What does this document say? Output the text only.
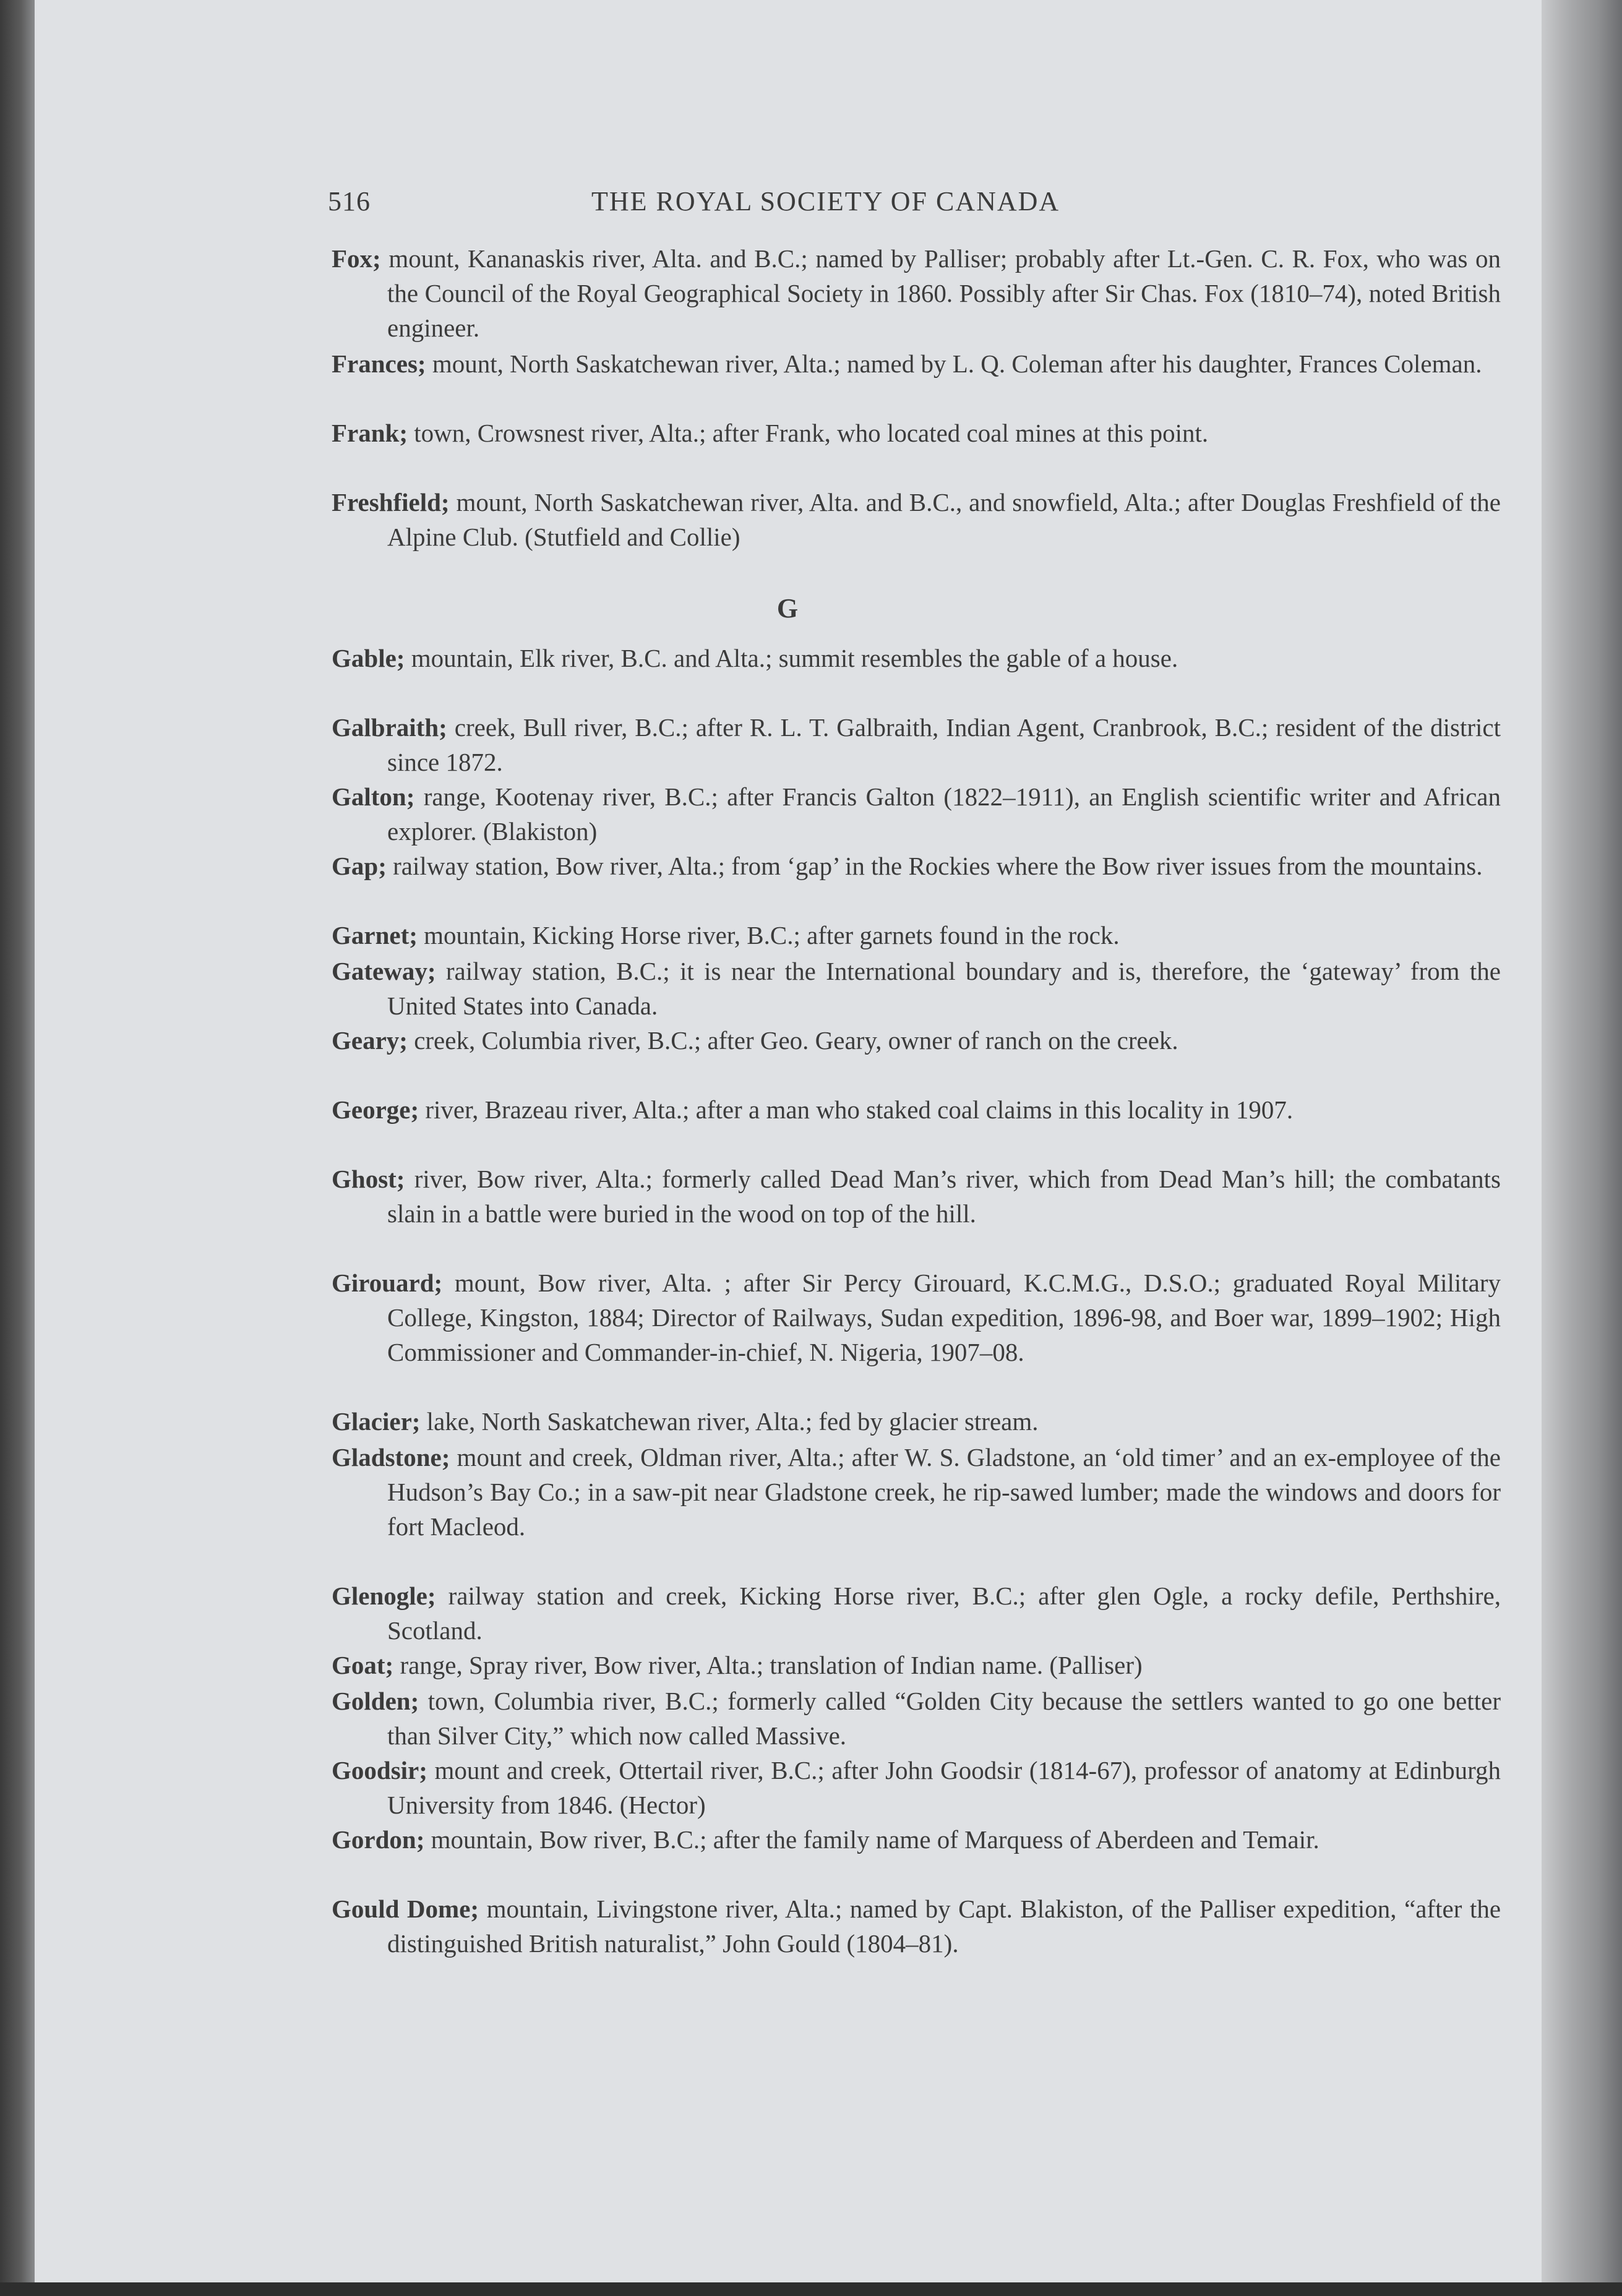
516	THE ROYAL SOCIETY OF CANADA

Fox; mount, Kananaskis river, Alta. and B.C.; named by Palliser; probably after Lt.-Gen. C. R. Fox, who was on the Council of the Royal Geographical Society in 1860. Possibly after Sir Chas. Fox (1810–74), noted British engineer.

Frances; mount, North Saskatchewan river, Alta.; named by L. Q. Coleman after his daughter, Frances Coleman.

Frank; town, Crowsnest river, Alta.; after Frank, who located coal mines at this point.

Freshfield; mount, North Saskatchewan river, Alta. and B.C., and snowfield, Alta.; after Douglas Freshfield of the Alpine Club. (Stutfield and Collie)

G

Gable; mountain, Elk river, B.C. and Alta.; summit resembles the gable of a house.

Galbraith; creek, Bull river, B.C.; after R. L. T. Galbraith, Indian Agent, Cranbrook, B.C.; resident of the district since 1872.

Galton; range, Kootenay river, B.C.; after Francis Galton (1822–1911), an English scientific writer and African explorer. (Blakiston)

Gap; railway station, Bow river, Alta.; from ‘gap’ in the Rockies where the Bow river issues from the mountains.

Garnet; mountain, Kicking Horse river, B.C.; after garnets found in the rock.

Gateway; railway station, B.C.; it is near the International boundary and is, therefore, the ‘gateway’ from the United States into Canada.

Geary; creek, Columbia river, B.C.; after Geo. Geary, owner of ranch on the creek.

George; river, Brazeau river, Alta.; after a man who staked coal claims in this locality in 1907.

Ghost; river, Bow river, Alta.; formerly called Dead Man’s river, which from Dead Man’s hill; the combatants slain in a battle were buried in the wood on top of the hill.

Girouard; mount, Bow river, Alta. ; after Sir Percy Girouard, K.C.M.G., D.S.O.; graduated Royal Military College, Kingston, 1884; Director of Railways, Sudan expedition, 1896-98, and Boer war, 1899–1902; High Commissioner and Commander-in-chief, N. Nigeria, 1907–08.

Glacier; lake, North Saskatchewan river, Alta.; fed by glacier stream.

Gladstone; mount and creek, Oldman river, Alta.; after W. S. Gladstone, an ‘old timer’ and an ex-employee of the Hudson’s Bay Co.; in a saw-pit near Gladstone creek, he rip-sawed lumber; made the windows and doors for fort Macleod.

Glenogle; railway station and creek, Kicking Horse river, B.C.; after glen Ogle, a rocky defile, Perthshire, Scotland.

Goat; range, Spray river, Bow river, Alta.; translation of Indian name. (Palliser)

Golden; town, Columbia river, B.C.; formerly called “Golden City because the settlers wanted to go one better than Silver City,” which now called Massive.

Goodsir; mount and creek, Ottertail river, B.C.; after John Goodsir (1814-67), professor of anatomy at Edinburgh University from 1846. (Hector)

Gordon; mountain, Bow river, B.C.; after the family name of Marquess of Aberdeen and Temair.

Gould Dome; mountain, Livingstone river, Alta.; named by Capt. Blakiston, of the Palliser expedition, “after the distinguished British naturalist,” John Gould (1804–81).
